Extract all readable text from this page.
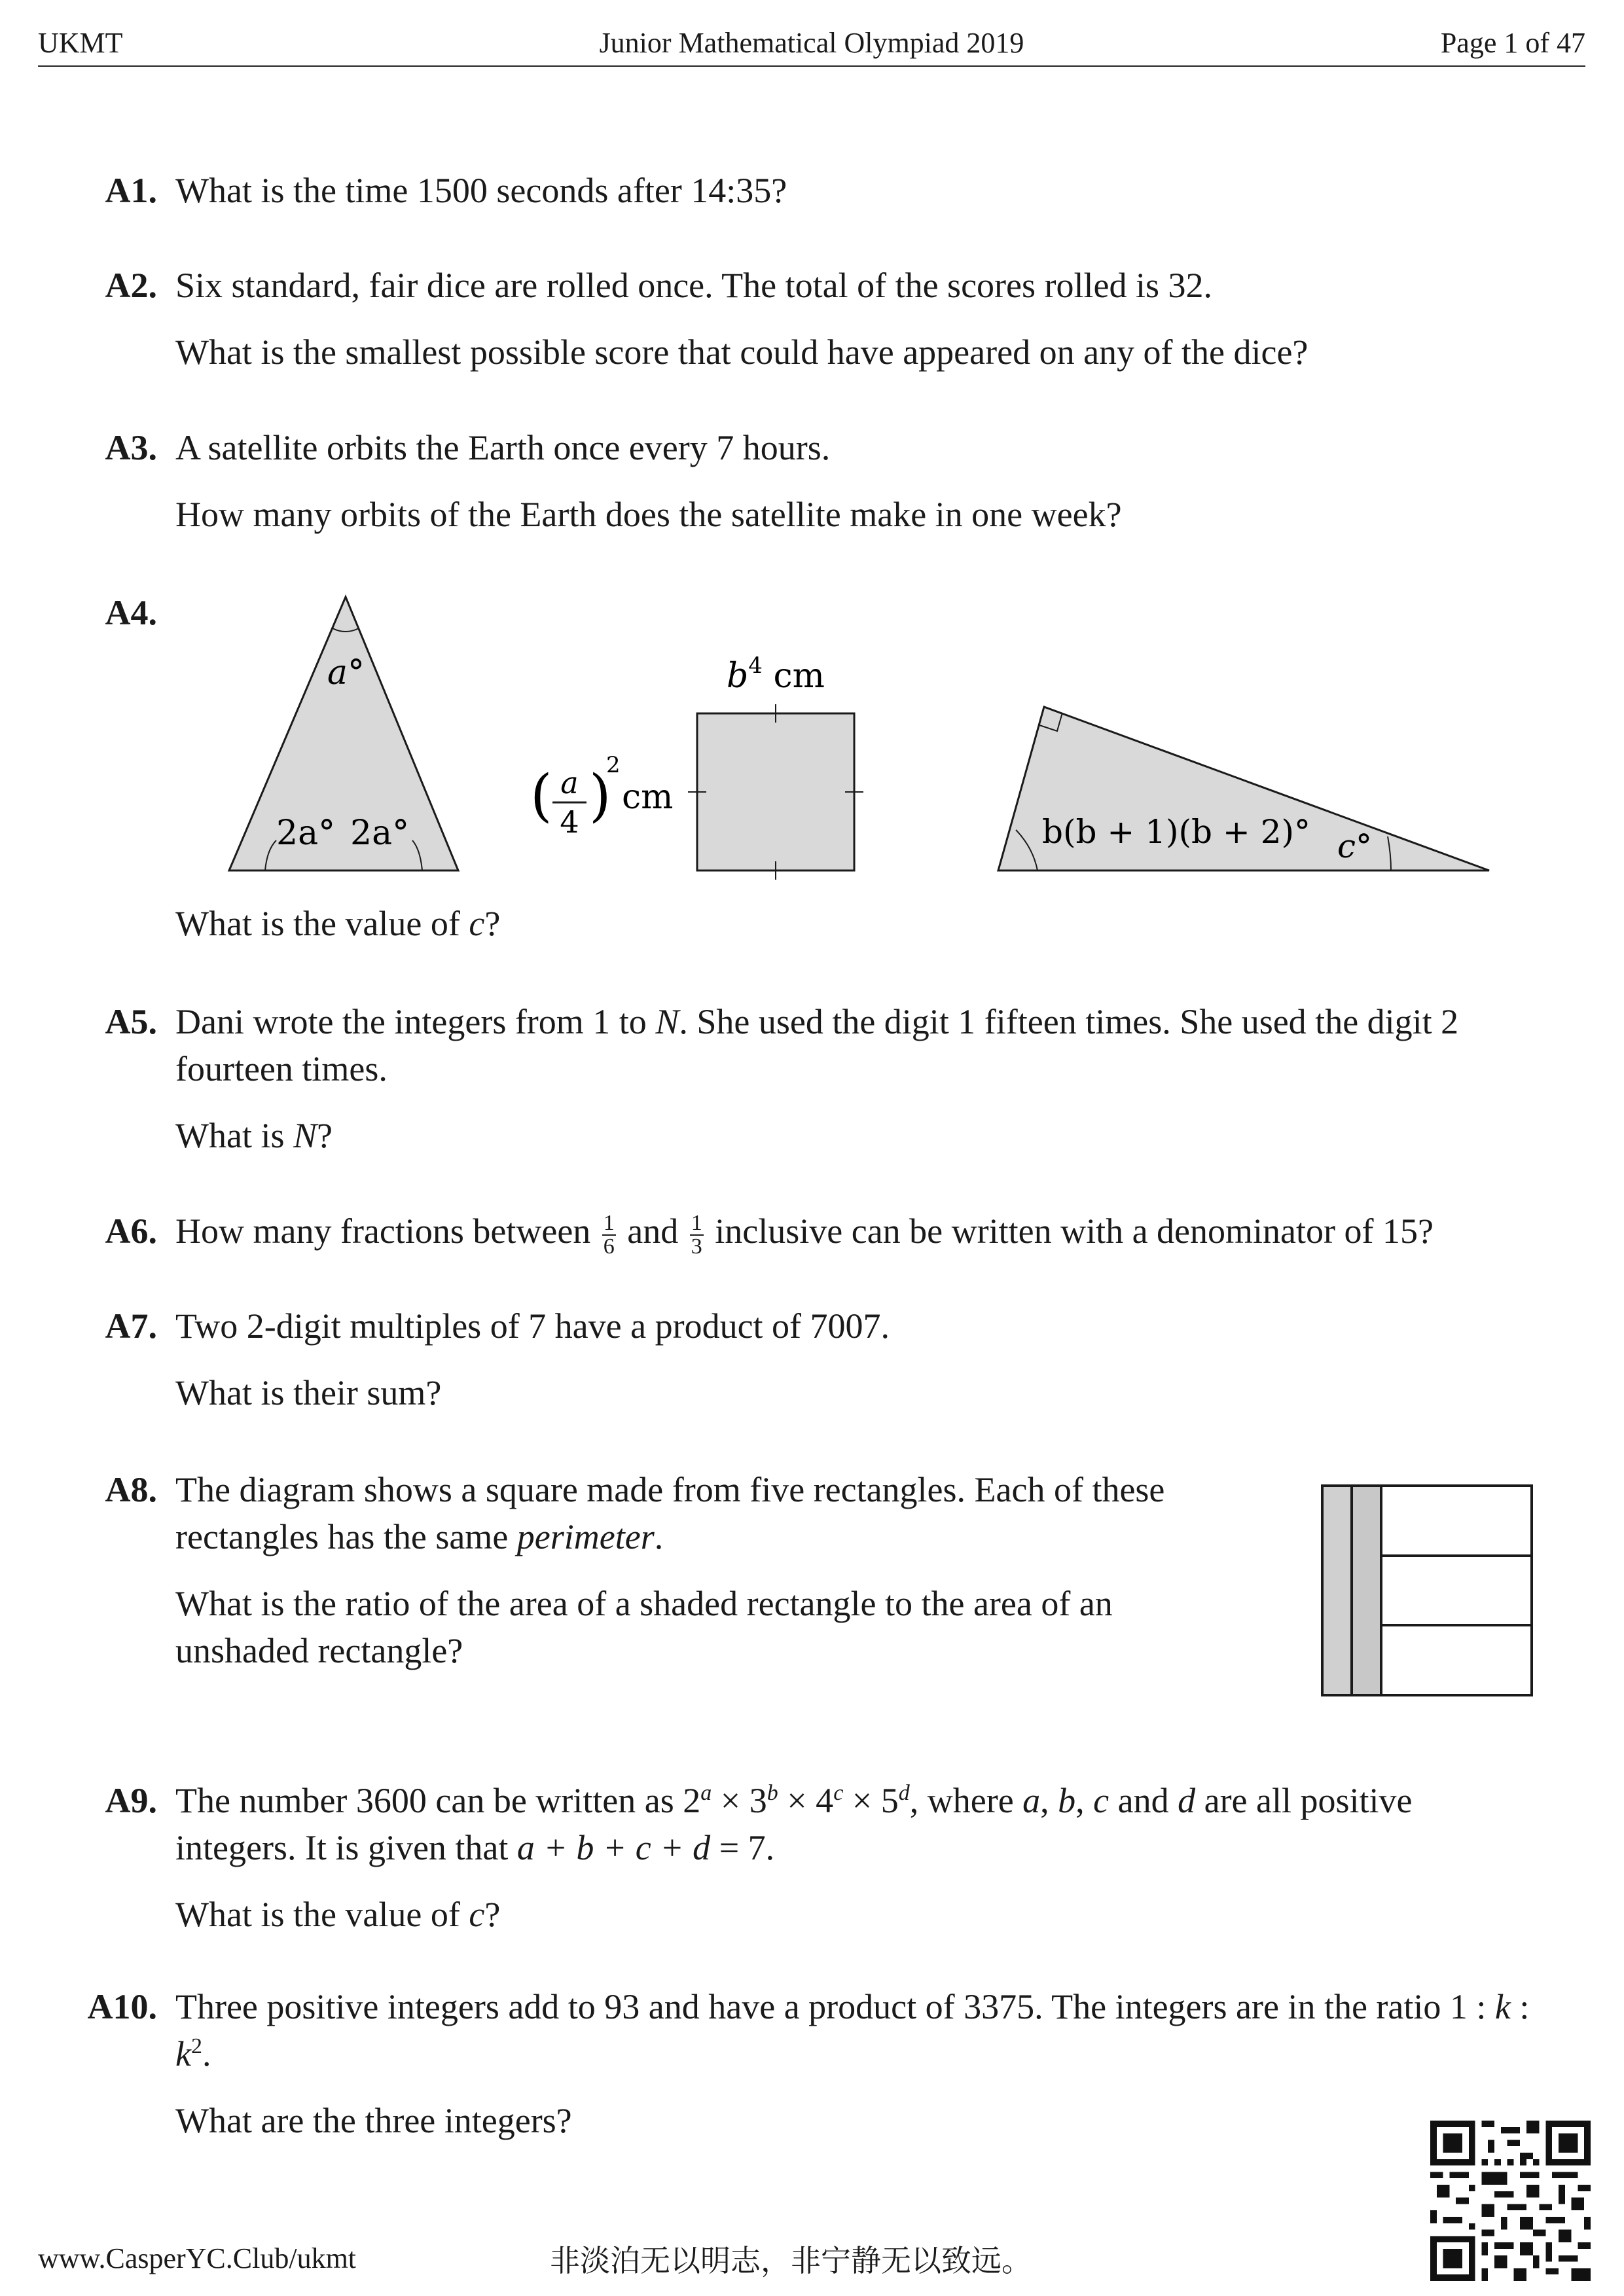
UKMT	Junior Mathematical Olympiad 2019	Page 1 of 47
A1. What is the time 1500 seconds after 14:35?
A2. Six standard, fair dice are rolled once. The total of the scores rolled is 32.
What is the smallest possible score that could have appeared on any of the dice?
A3. A satellite orbits the Earth once every 7 hours.
How many orbits of the Earth does the satellite make in one week?
A4.
a°
2a° 2a°
$b^4$ cm
( a
4 )
2
cm
b(b + 1)(b + 2)° c°
What is the value of c?
A5. Dani wrote the integers from 1 to N. She used the digit 1 fifteen times. She used the digit 2 fourteen times.
What is N?
A6. How many fractions between $\frac{1}{6}$ and $\frac{1}{3}$ inclusive can be written with a denominator of 15?
A7. Two 2-digit multiples of 7 have a product of 7007.
What is their sum?
A8. The diagram shows a square made from five rectangles. Each of these rectangles has the same perimeter.
What is the ratio of the area of a shaded rectangle to the area of an unshaded rectangle?
A9. The number 3600 can be written as $2^a \times 3^b \times 4^c \times 5^d$, where a, b, c and d are all positive integers. It is given that a + b + c + d = 7.
What is the value of c?
A10. Three positive integers add to 93 and have a product of 3375. The integers are in the ratio 1 : k : $k^2$.
What are the three integers?
www.CasperYC.Club/ukmt	非淡泊无以明志，非宁静无以致远。
